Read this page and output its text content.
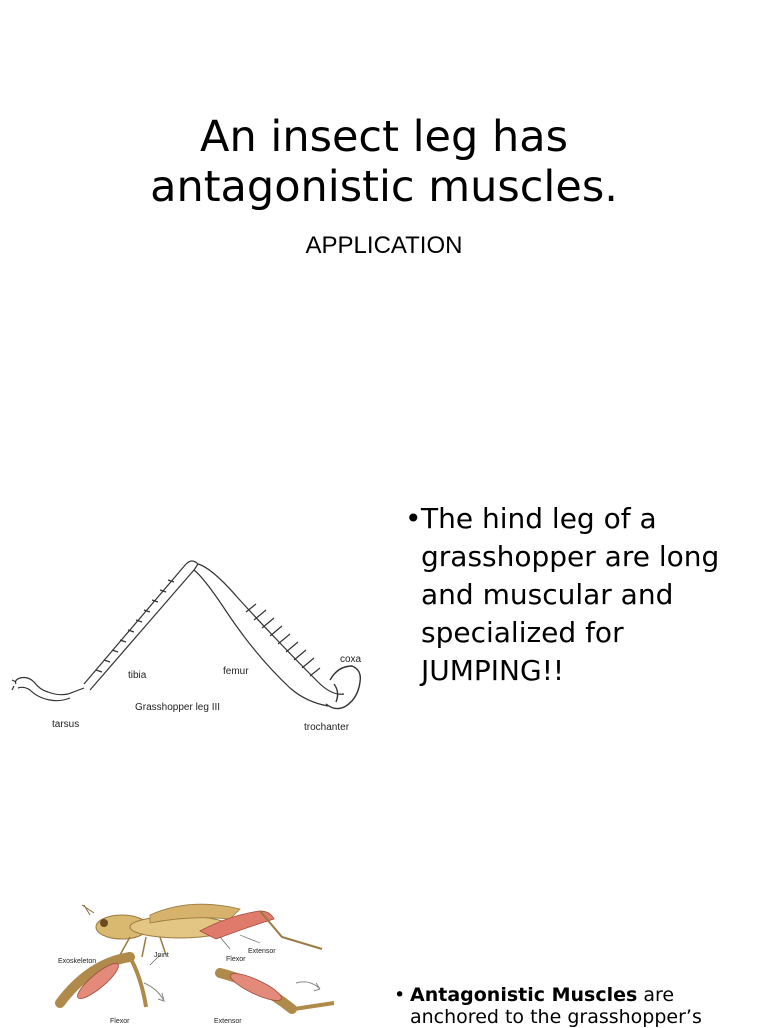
An insect leg has
antagonistic muscles.
APPLICATION
tibia	femur
coxa
Grasshopper leg III
tarsus	trochanter
• The hind leg of a grasshopper are long and muscular and specialized for JUMPING!!
Joint
Exoskeleton
Extensor
Flexor
Flexor	Extensor
• Antagonistic Muscles are anchored to the grasshopper’s
